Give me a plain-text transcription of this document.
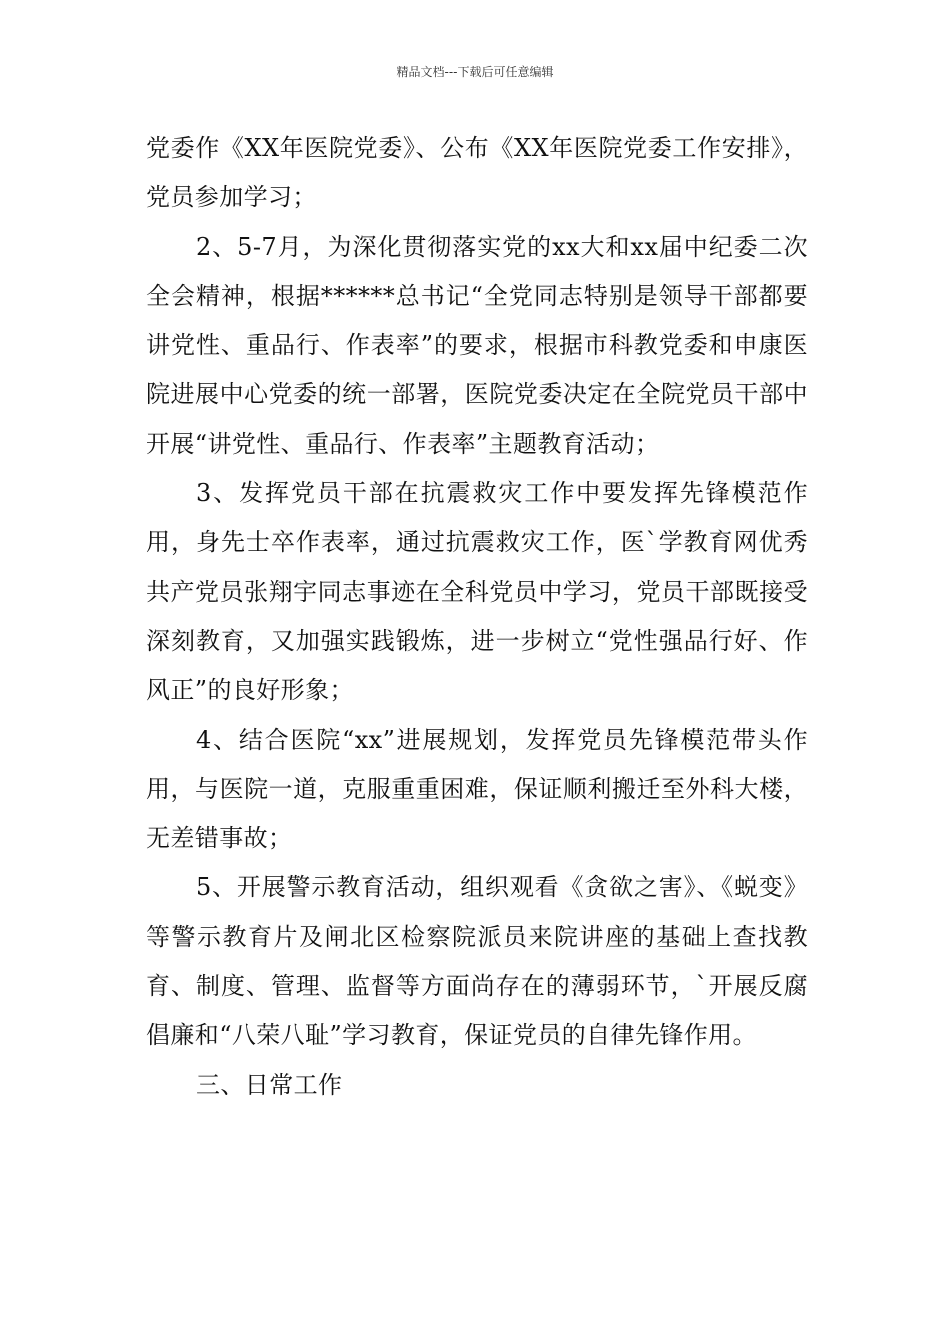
精品文档---下载后可任意编辑

党委作《XX年医院党委》、公布《XX年医院党委工作安排》，党员参加学习；

2、5-7月，为深化贯彻落实党的xx大和xx届中纪委二次全会精神，根据******总书记“全党同志特别是领导干部都要讲党性、重品行、作表率”的要求，根据市科教党委和申康医院进展中心党委的统一部署，医院党委决定在全院党员干部中开展“讲党性、重品行、作表率”主题教育活动；

3、发挥党员干部在抗震救灾工作中要发挥先锋模范作用，身先士卒作表率，通过抗震救灾工作，医`学教育网优秀共产党员张翔宇同志事迹在全科党员中学习，党员干部既接受深刻教育，又加强实践锻炼，进一步树立“党性强品行好、作风正”的良好形象；

4、结合医院“xx”进展规划，发挥党员先锋模范带头作用，与医院一道，克服重重困难，保证顺利搬迁至外科大楼，无差错事故；

5、开展警示教育活动，组织观看《贪欲之害》、《蜕变》等警示教育片及闸北区检察院派员来院讲座的基础上查找教育、制度、管理、监督等方面尚存在的薄弱环节，`开展反腐倡廉和“八荣八耻”学习教育，保证党员的自律先锋作用。

三、日常工作
